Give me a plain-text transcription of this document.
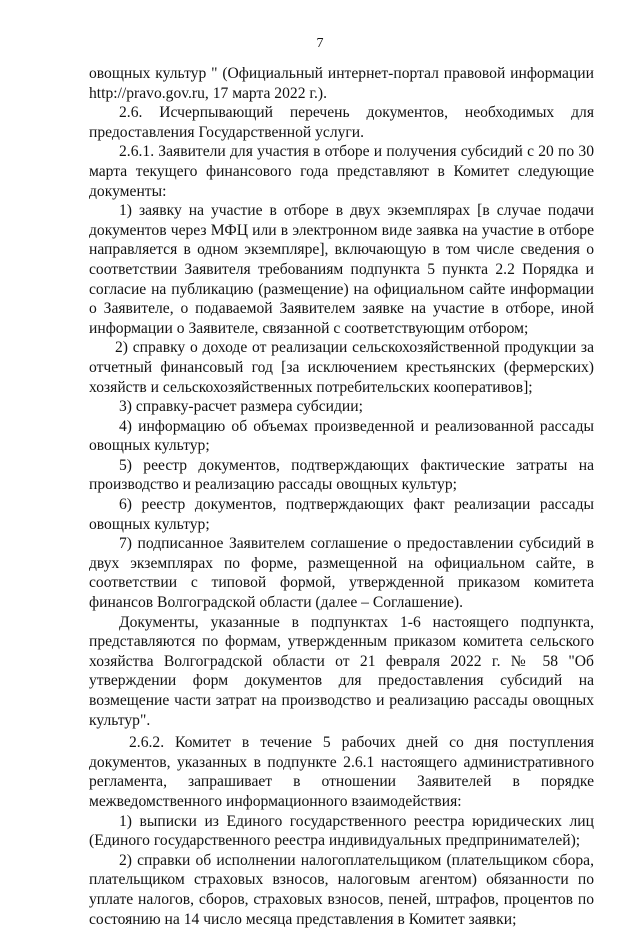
7

овощных культур " (Официальный интернет-портал правовой информации http://pravo.gov.ru, 17 марта 2022 г.).

2.6. Исчерпывающий перечень документов, необходимых для предоставления Государственной услуги.

2.6.1. Заявители для участия в отборе и получения субсидий с 20 по 30 марта текущего финансового года представляют в Комитет следующие документы:

1) заявку на участие в отборе в двух экземплярах [в случае подачи документов через МФЦ или в электронном виде заявка на участие в отборе направляется в одном экземпляре], включающую в том числе сведения о соответствии Заявителя требованиям подпункта 5 пункта 2.2 Порядка и согласие на публикацию (размещение) на официальном сайте информации о Заявителе, о подаваемой Заявителем заявке на участие в отборе, иной информации о Заявителе, связанной с соответствующим отбором;

2) справку о доходе от реализации сельскохозяйственной продукции за отчетный финансовый год [за исключением крестьянских (фермерских) хозяйств и сельскохозяйственных потребительских кооперативов];

3) справку-расчет размера субсидии;

4) информацию об объемах произведенной и реализованной рассады овощных культур;

5) реестр документов, подтверждающих фактические затраты на производство и реализацию рассады овощных культур;

6) реестр документов, подтверждающих факт реализации рассады овощных культур;

7) подписанное Заявителем соглашение о предоставлении субсидий в двух экземплярах по форме, размещенной на официальном сайте, в соответствии с типовой формой, утвержденной приказом комитета финансов Волгоградской области (далее – Соглашение).

Документы, указанные в подпунктах 1-6 настоящего подпункта, представляются по формам, утвержденным приказом комитета сельского хозяйства Волгоградской области от 21 февраля 2022 г. № 58 "Об утверждении форм документов для предоставления субсидий на возмещение части затрат на производство и реализацию рассады овощных культур".

2.6.2. Комитет в течение 5 рабочих дней со дня поступления документов, указанных в подпункте 2.6.1 настоящего административного регламента, запрашивает в отношении Заявителей в порядке межведомственного информационного взаимодействия:

1) выписки из Единого государственного реестра юридических лиц (Единого государственного реестра индивидуальных предпринимателей);

2) справки об исполнении налогоплательщиком (плательщиком сбора, плательщиком страховых взносов, налоговым агентом) обязанности по уплате налогов, сборов, страховых взносов, пеней, штрафов, процентов по состоянию на 14 число месяца представления в Комитет заявки;
